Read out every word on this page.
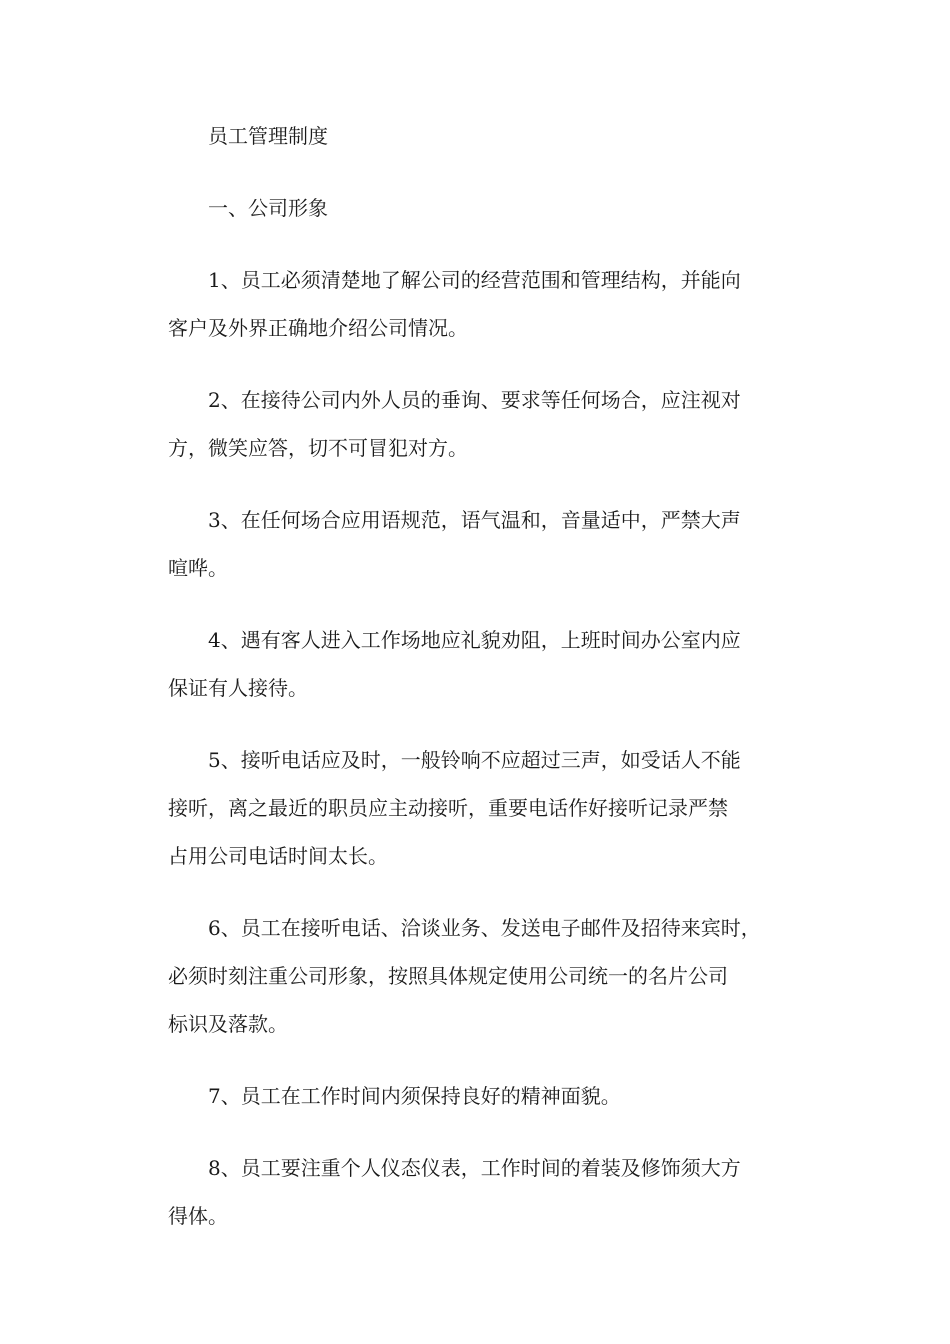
员工管理制度

一、公司形象

1、员工必须清楚地了解公司的经营范围和管理结构，并能向
客户及外界正确地介绍公司情况。

2、在接待公司内外人员的垂询、要求等任何场合，应注视对
方，微笑应答，切不可冒犯对方。

3、在任何场合应用语规范，语气温和，音量适中，严禁大声
喧哗。

4、遇有客人进入工作场地应礼貌劝阻，上班时间办公室内应
保证有人接待。

5、接听电话应及时，一般铃响不应超过三声，如受话人不能
接听，离之最近的职员应主动接听，重要电话作好接听记录严禁
占用公司电话时间太长。

6、员工在接听电话、洽谈业务、发送电子邮件及招待来宾时，
必须时刻注重公司形象，按照具体规定使用公司统一的名片公司
标识及落款。

7、员工在工作时间内须保持良好的精神面貌。

8、员工要注重个人仪态仪表，工作时间的着装及修饰须大方
得体。
